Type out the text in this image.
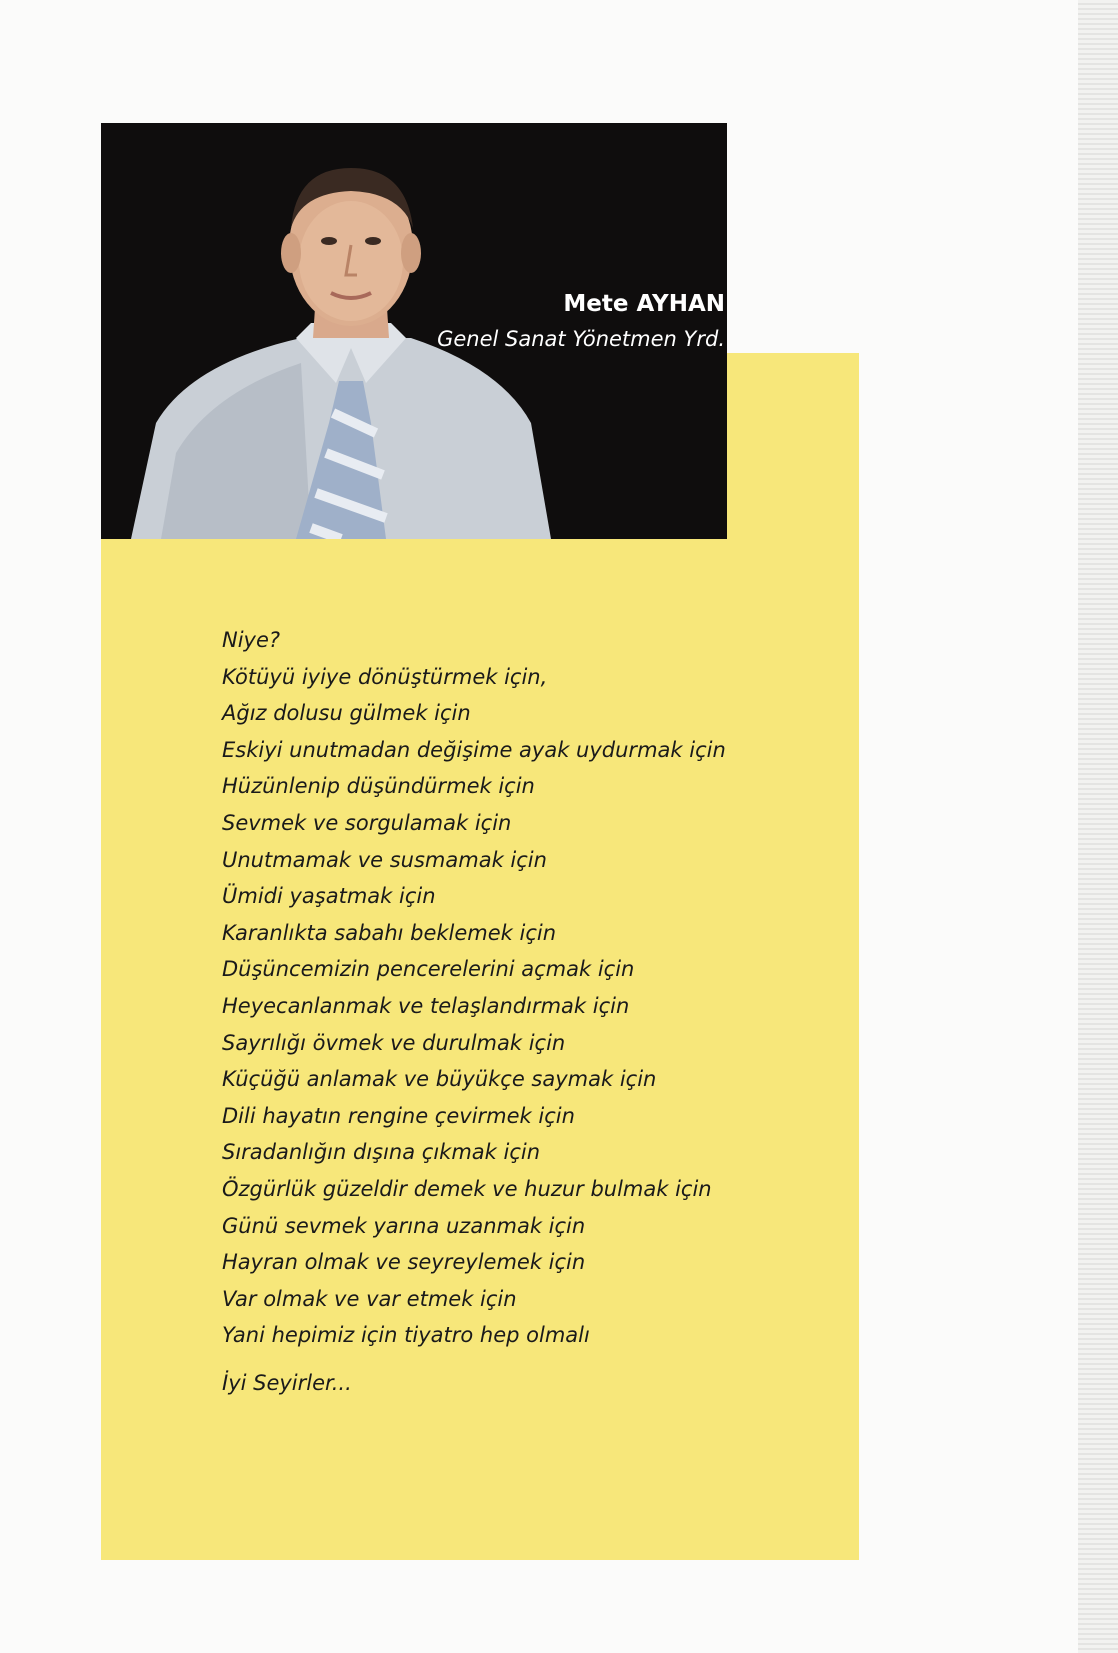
Mete AYHAN
Genel Sanat Yönetmen Yrd.
Niye?
Kötüyü iyiye dönüştürmek için,
Ağız dolusu gülmek için
Eskiyi unutmadan değişime ayak uydurmak için
Hüzünlenip düşündürmek için
Sevmek ve sorgulamak için
Unutmamak ve susmamak için
Ümidi yaşatmak için
Karanlıkta sabahı beklemek için
Düşüncemizin pencerelerini açmak için
Heyecanlanmak ve telaşlandırmak için
Sayrılığı övmek ve durulmak için
Küçüğü anlamak ve büyükçe saymak için
Dili hayatın rengine çevirmek için
Sıradanlığın dışına çıkmak için
Özgürlük güzeldir demek ve huzur bulmak için
Günü sevmek yarına uzanmak için
Hayran olmak ve seyreylemek için
Var olmak ve var etmek için
Yani hepimiz için tiyatro hep olmalı
İyi Seyirler...
